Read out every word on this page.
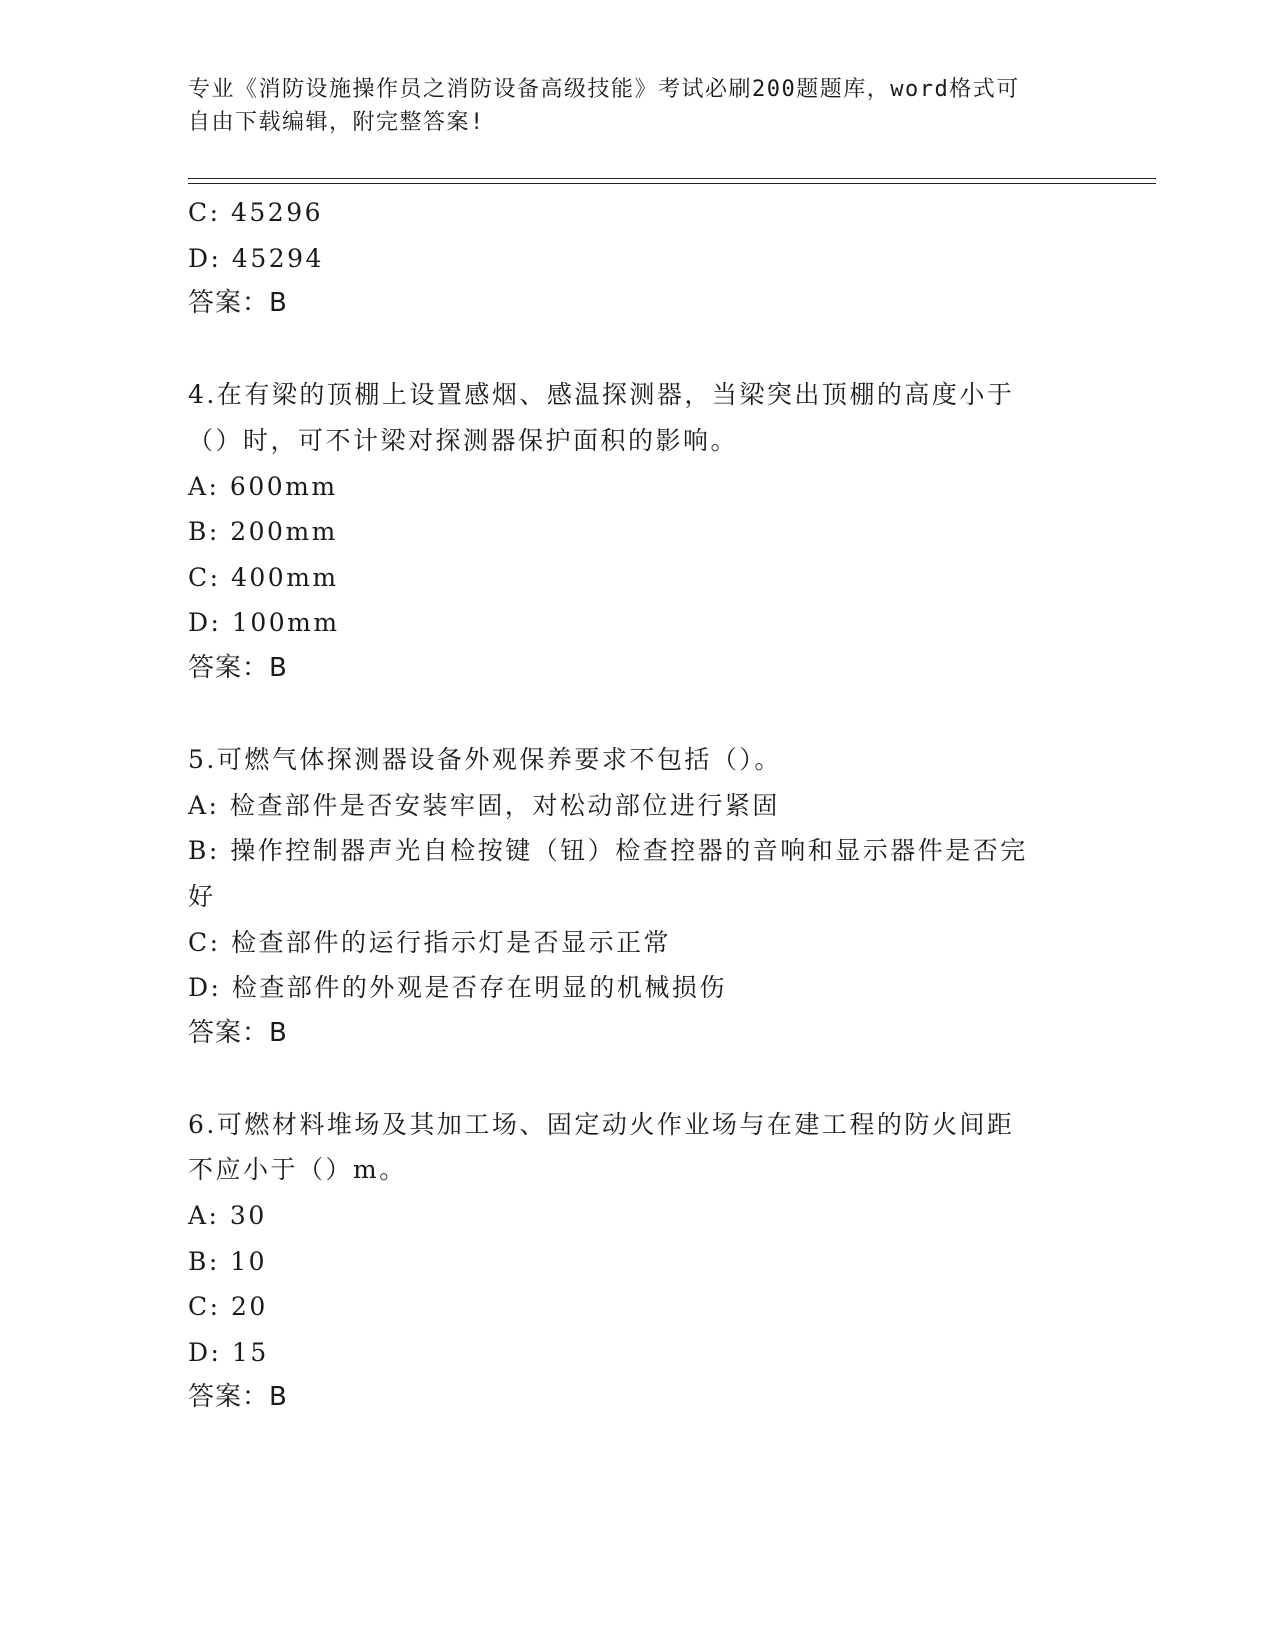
专业《消防设施操作员之消防设备高级技能》考试必刷200题题库，word格式可
自由下载编辑，附完整答案!
C: 45296
D: 45294
答案：B
4.在有梁的顶棚上设置感烟、感温探测器，当梁突出顶棚的高度小于
（）时，可不计梁对探测器保护面积的影响。
A: 600mm
B: 200mm
C: 400mm
D: 100mm
答案：B
5.可燃气体探测器设备外观保养要求不包括（）。
A: 检查部件是否安装牢固，对松动部位进行紧固
B: 操作控制器声光自检按键（钮）检查控器的音响和显示器件是否完
好
C: 检查部件的运行指示灯是否显示正常
D: 检查部件的外观是否存在明显的机械损伤
答案：B
6.可燃材料堆场及其加工场、固定动火作业场与在建工程的防火间距
不应小于（）m。
A: 30
B: 10
C: 20
D: 15
答案：B
